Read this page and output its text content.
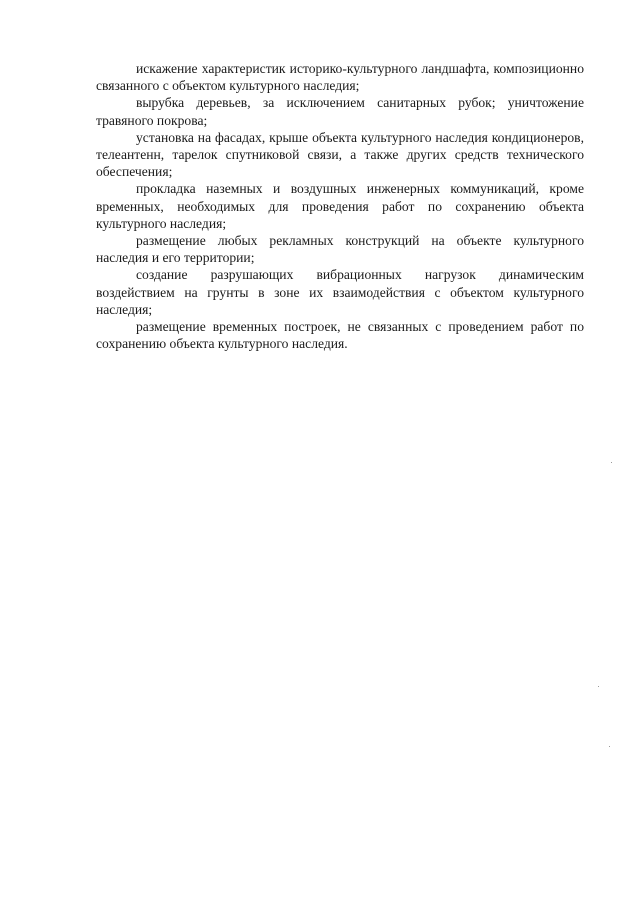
искажение характеристик историко-культурного ландшафта, композиционно связанного с объектом культурного наследия;

вырубка деревьев, за исключением санитарных рубок; уничтожение травяного покрова;

установка на фасадах, крыше объекта культурного наследия кондиционеров, телеантенн, тарелок спутниковой связи, а также других средств технического обеспечения;

прокладка наземных и воздушных инженерных коммуникаций, кроме временных, необходимых для проведения работ по сохранению объекта культурного наследия;

размещение любых рекламных конструкций на объекте культурного наследия и его территории;

создание разрушающих вибрационных нагрузок динамическим воздействием на грунты в зоне их взаимодействия с объектом культурного наследия;

размещение временных построек, не связанных с проведением работ по сохранению объекта культурного наследия.
